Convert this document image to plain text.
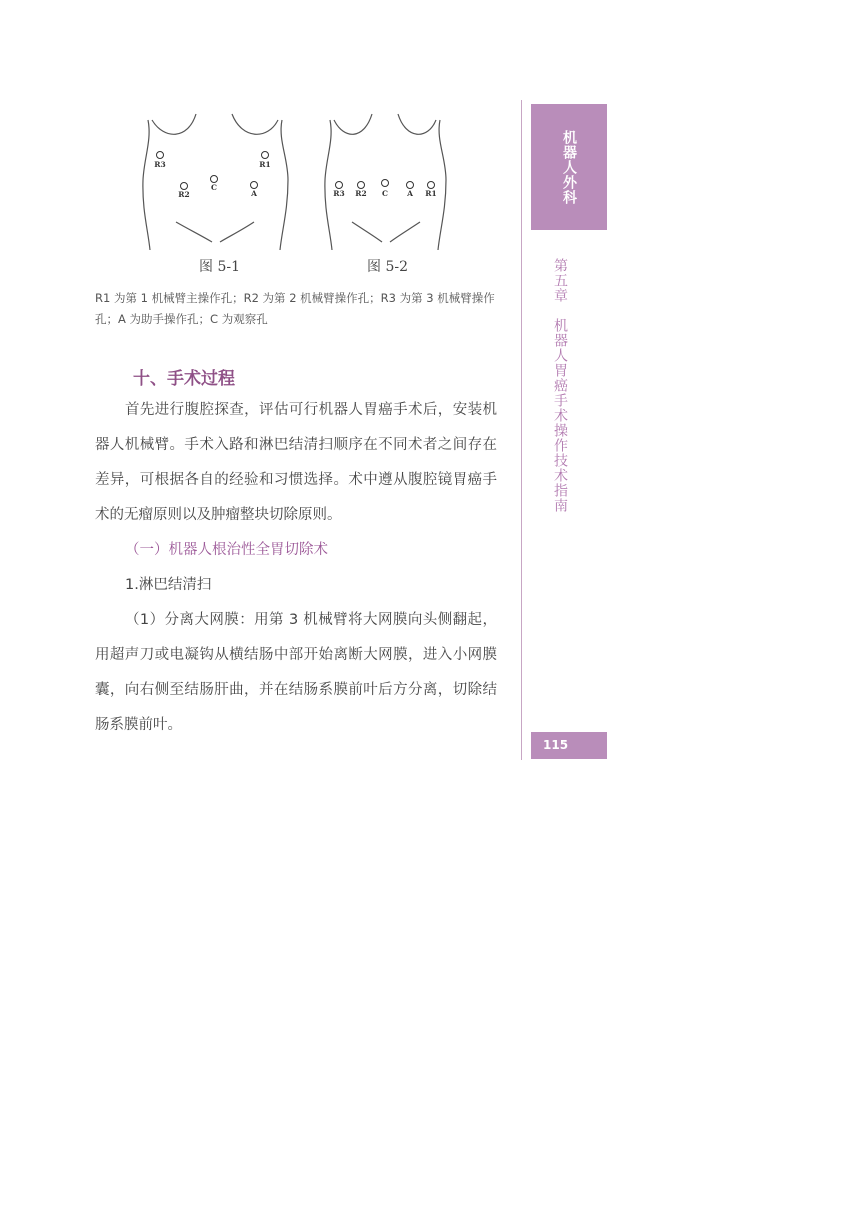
R3	R1
C
R2	A	R3 R2 C	A R1
图 5-1	图 5-2
R1 为第 1 机械臂主操作孔；R2 为第 2 机械臂操作孔；R3 为第 3 机械臂操作孔；A 为助手操作孔；C 为观察孔
十、手术过程

首先进行腹腔探查，评估可行机器人胃癌手术后，安装机器人机械臂。手术入路和淋巴结清扫顺序在不同术者之间存在差异，可根据各自的经验和习惯选择。术中遵从腹腔镜胃癌手术的无瘤原则以及肿瘤整块切除原则。

（一）机器人根治性全胃切除术

1.淋巴结清扫

（1）分离大网膜：用第 3 机械臂将大网膜向头侧翻起，用超声刀或电凝钩从横结肠中部开始离断大网膜，进入小网膜囊，向右侧至结肠肝曲，并在结肠系膜前叶后方分离，切除结肠系膜前叶。

机器人外科
第五章　机器人胃癌手术操作技术指南
115
